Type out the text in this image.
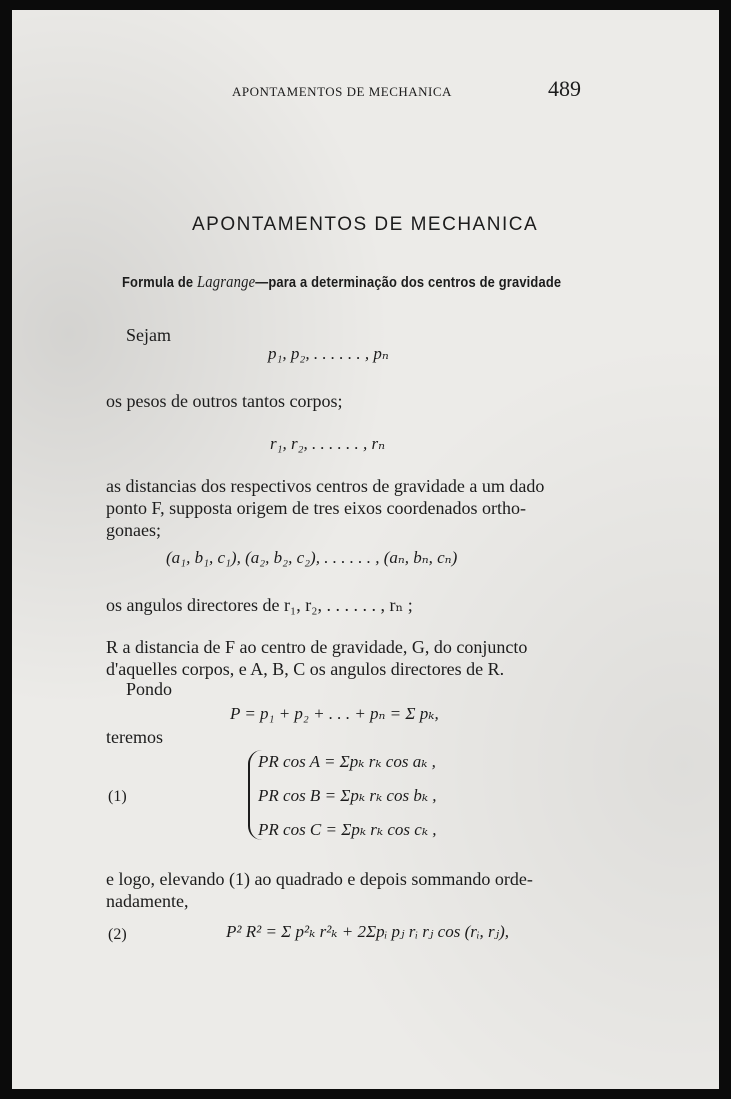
APONTAMENTOS DE MECHANICA	489
APONTAMENTOS DE MECHANICA
Formula de Lagrange—para a determinação dos centros de gravidade
Sejam
p₁, p₂, . . . . . . , pₙ
os pesos de outros tantos corpos;
r₁, r₂, . . . . . . , rₙ
as distancias dos respectivos centros de gravidade a um dado
ponto F, supposta origem de tres eixos coordenados ortho-
gonaes;
(a₁, b₁, c₁), (a₂, b₂, c₂), . . . . . . , (aₙ, bₙ, cₙ)
os angulos directores de r₁, r₂, . . . . . . , rₙ ;
R a distancia de F ao centro de gravidade, G, do conjuncto
d'aquelles corpos, e A, B, C os angulos directores de R.
Pondo
P = p₁ + p₂ + . . . + pₙ = Σ pₖ,
teremos
(1)
PR cos A = Σpₖ rₖ cos aₖ ,
PR cos B = Σpₖ rₖ cos bₖ ,
PR cos C = Σpₖ rₖ cos cₖ ,
e logo, elevando (1) ao quadrado e depois sommando orde-
nadamente,
(2)	P² R² = Σ p²ₖ r²ₖ + 2Σpᵢ pⱼ rᵢ rⱼ cos (rᵢ, rⱼ),
